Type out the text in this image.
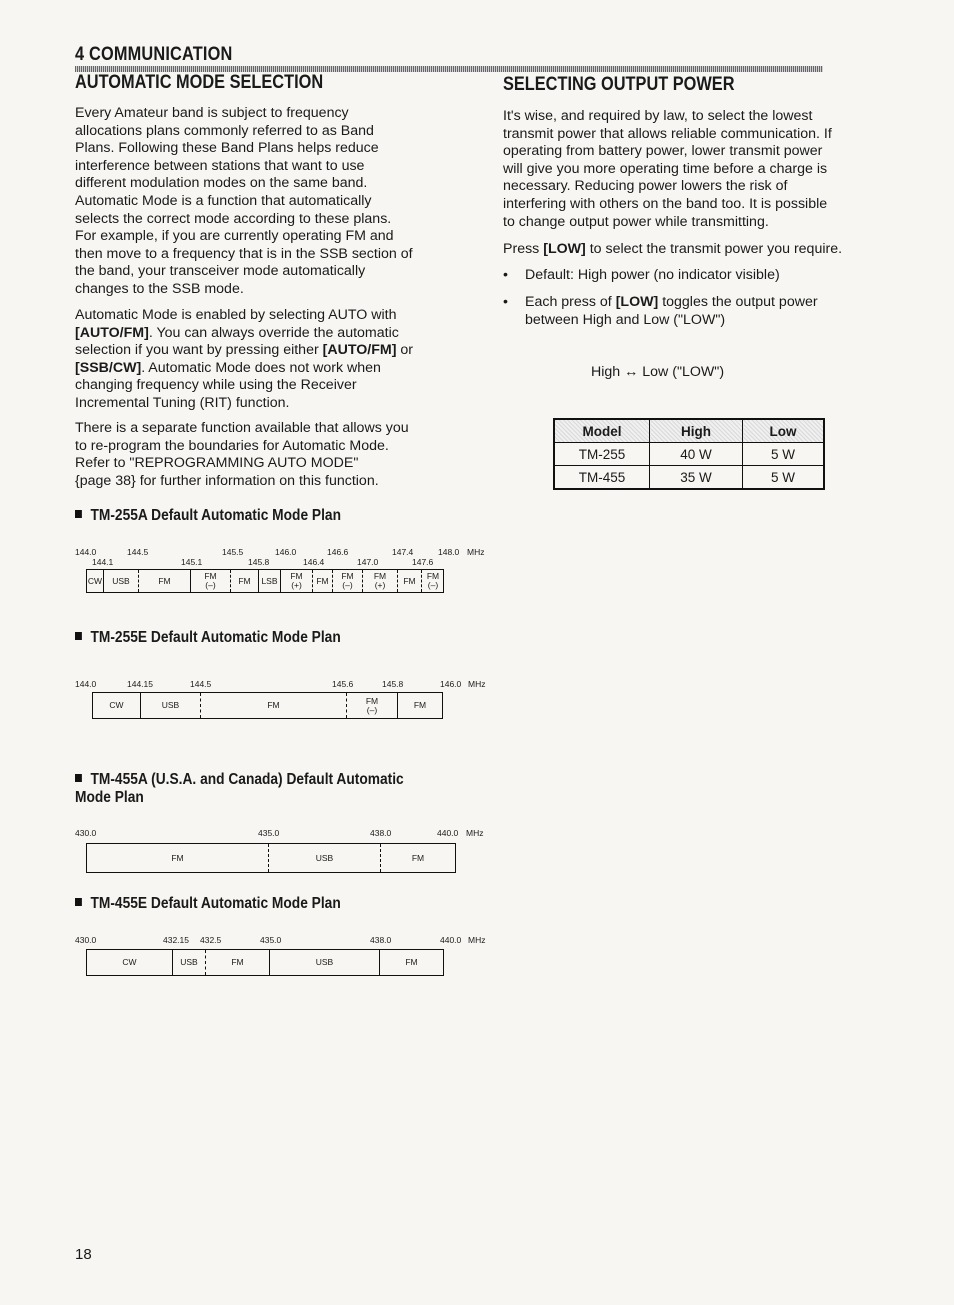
4 COMMUNICATION
AUTOMATIC MODE SELECTION
Every Amateur band is subject to frequency
allocations plans commonly referred to as Band
Plans. Following these Band Plans helps reduce
interference between stations that want to use
different modulation modes on the same band.
Automatic Mode is a function that automatically
selects the correct mode according to these plans.
For example, if you are currently operating FM and
then move to a frequency that is in the SSB section of
the band, your transceiver mode automatically
changes to the SSB mode.
Automatic Mode is enabled by selecting AUTO with
[AUTO/FM]. You can always override the automatic
selection if you want by pressing either [AUTO/FM] or
[SSB/CW]. Automatic Mode does not work when
changing frequency while using the Receiver
Incremental Tuning (RIT) function.
There is a separate function available that allows you
to re-program the boundaries for Automatic Mode.
Refer to "REPROGRAMMING AUTO MODE"
{page 38} for further information on this function.
TM-255A Default Automatic Mode Plan
144.0	144.5	145.5	146.0	146.6	147.4	148.0 MHz
144.1	145.1	145.8	146.4	147.0	147.6
CW USB	FM	FM
(–)	FM LSB FM
(+) FM FM
(–)
FM
(+) FM FM
(–)
TM-255E Default Automatic Mode Plan
144.0	144.15	144.5	145.6	145.8	146.0 MHz
CW	USB	FM	FM
(–)	FM
TM-455A (U.S.A. and Canada) Default Automatic
Mode Plan
430.0	435.0	438.0	440.0 MHz
FM	USB	FM
TM-455E Default Automatic Mode Plan
430.0	432.15 432.5	435.0	438.0	440.0 MHz
CW	USB	FM	USB	FM
SELECTING OUTPUT POWER
It's wise, and required by law, to select the lowest
transmit power that allows reliable communication. If
operating from battery power, lower transmit power
will give you more operating time before a charge is
necessary. Reducing power lowers the risk of
interfering with others on the band too. It is possible
to change output power while transmitting.
Press [LOW] to select the transmit power you require.
• Default: High power (no indicator visible)
• Each press of [LOW] toggles the output power
between High and Low ("LOW")
High ↔ Low ("LOW")
Model	High	Low
TM-255	40 W	5 W
TM-455	35 W	5 W
18
